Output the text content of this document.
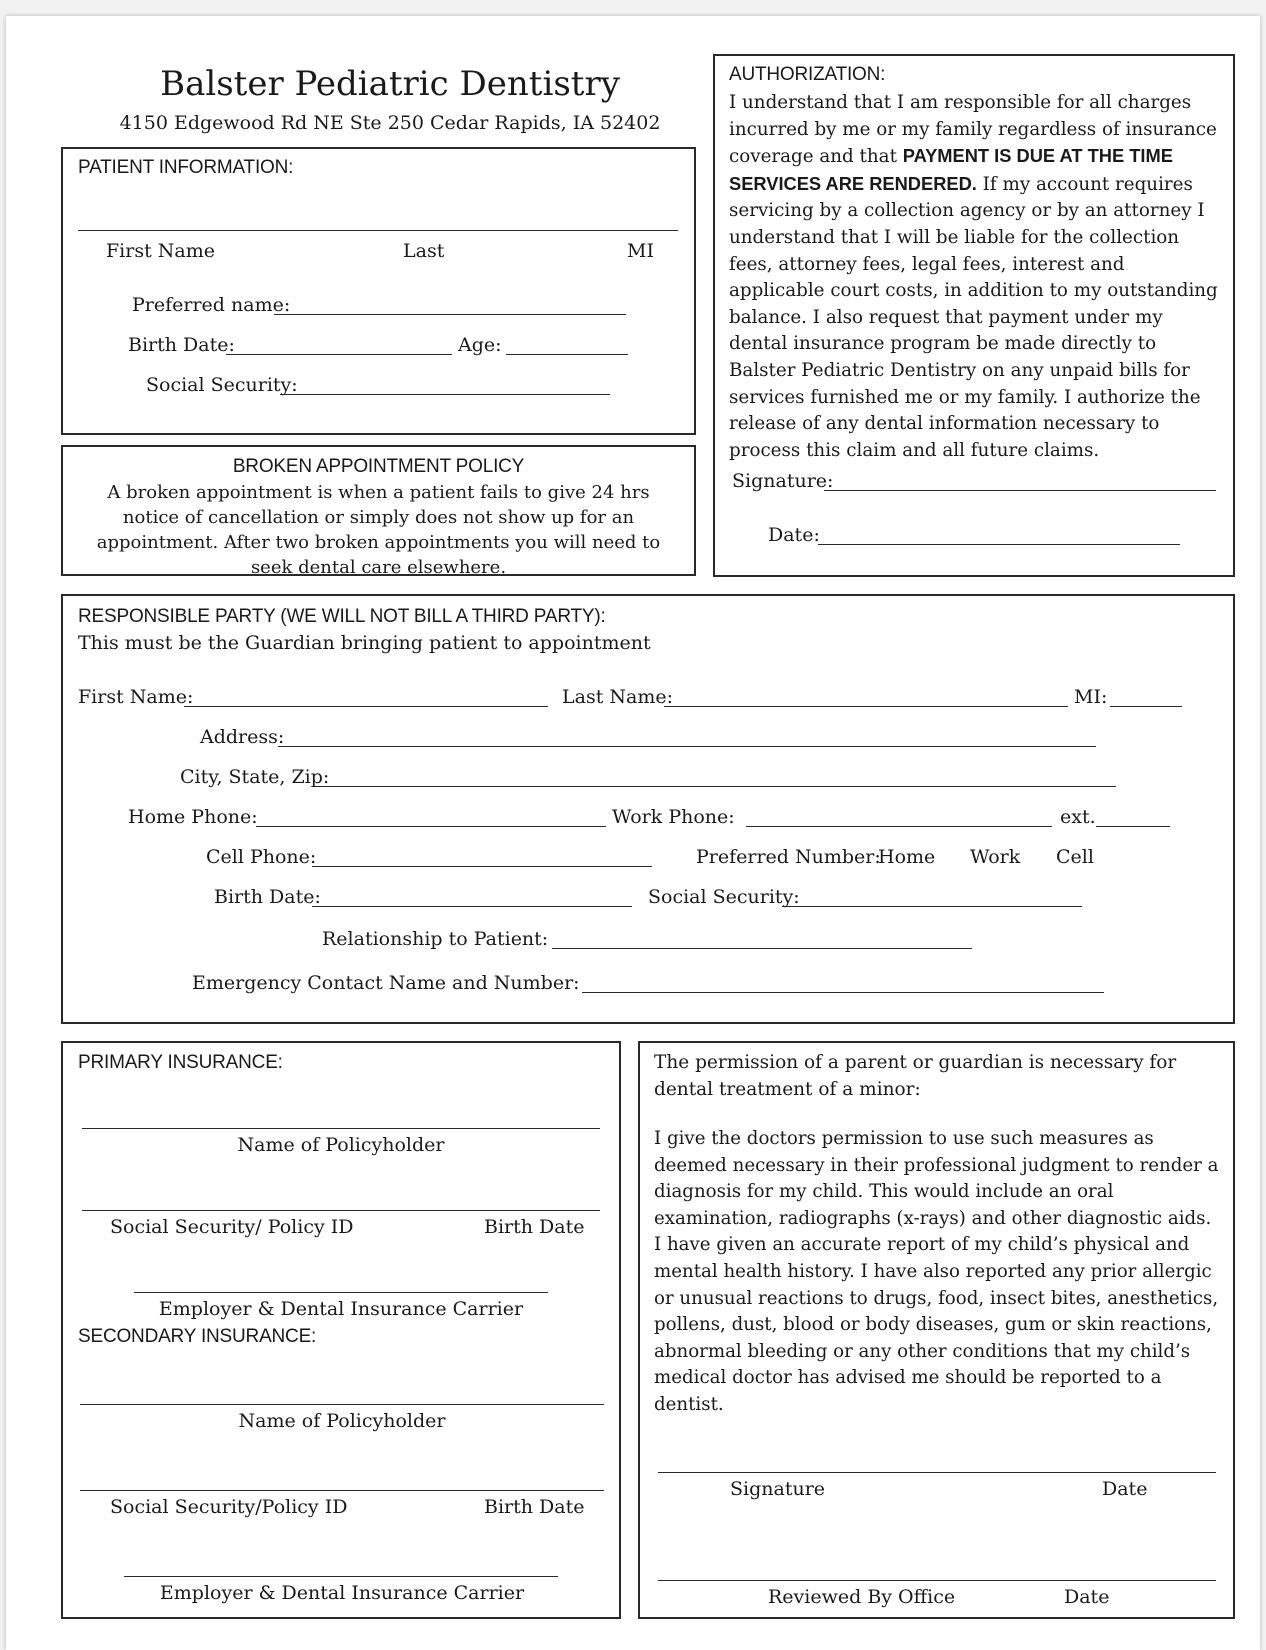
Balster Pediatric Dentistry
4150 Edgewood Rd NE Ste 250 Cedar Rapids, IA 52402
PATIENT INFORMATION:
First Name	Last	MI
Preferred name:
Birth Date:	Age:
Social Security:
BROKEN APPOINTMENT POLICY
A broken appointment is when a patient fails to give 24 hrs notice of cancellation or simply does not show up for an appointment. After two broken appointments you will need to seek dental care elsewhere.
AUTHORIZATION:
I understand that I am responsible for all charges incurred by me or my family regardless of insurance coverage and that PAYMENT IS DUE AT THE TIME SERVICES ARE RENDERED. If my account requires servicing by a collection agency or by an attorney I understand that I will be liable for the collection fees, attorney fees, legal fees, interest and applicable court costs, in addition to my outstanding balance. I also request that payment under my dental insurance program be made directly to Balster Pediatric Dentistry on any unpaid bills for services furnished me or my family. I authorize the release of any dental information necessary to process this claim and all future claims.
Signature:
Date:
RESPONSIBLE PARTY (WE WILL NOT BILL A THIRD PARTY):
This must be the Guardian bringing patient to appointment
First Name:	Last Name:	MI:
Address:
City, State, Zip:
Home Phone:	Work Phone:	ext.
Cell Phone:	Preferred Number:
Home Work Cell
Birth Date:	Social Security:
Relationship to Patient:
Emergency Contact Name and Number:
PRIMARY INSURANCE:
Name of Policyholder
Social Security/ Policy ID	Birth Date
Employer & Dental Insurance Carrier
SECONDARY INSURANCE:
Name of Policyholder
Social Security/Policy ID	Birth Date
Employer & Dental Insurance Carrier
The permission of a parent or guardian is necessary for dental treatment of a minor:
I give the doctors permission to use such measures as deemed necessary in their professional judgment to render a diagnosis for my child. This would include an oral examination, radiographs (x-rays) and other diagnostic aids. I have given an accurate report of my child’s physical and mental health history. I have also reported any prior allergic or unusual reactions to drugs, food, insect bites, anesthetics, pollens, dust, blood or body diseases, gum or skin reactions, abnormal bleeding or any other conditions that my child’s medical doctor has advised me should be reported to a dentist.
Signature	Date
Reviewed By Office	Date
